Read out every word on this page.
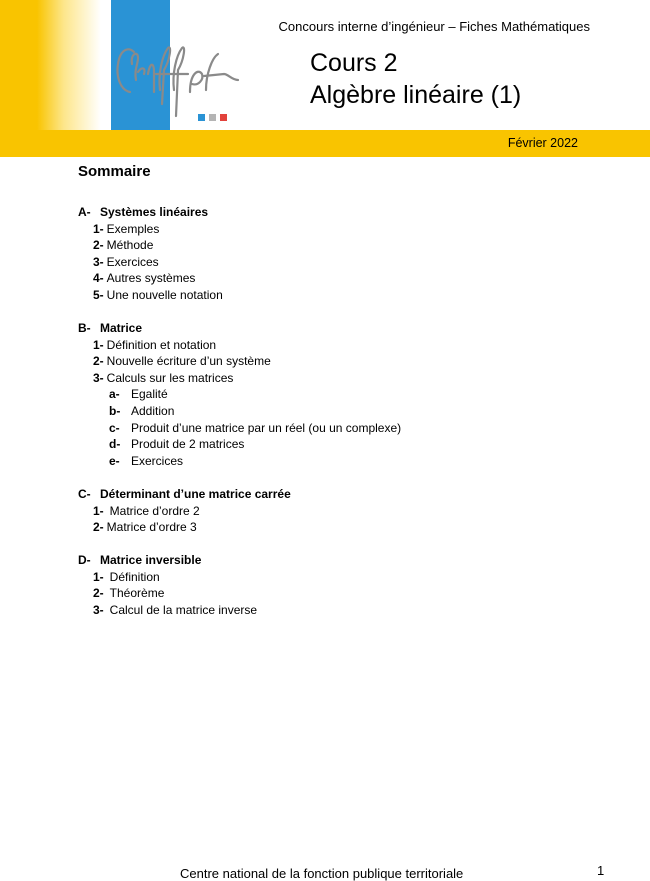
Concours interne d’ingénieur – Fiches Mathématiques
Cours 2
Algèbre linéaire (1)
Février 2022
Sommaire
A- Systèmes linéaires
1- Exemples
2- Méthode
3- Exercices
4- Autres systèmes
5- Une nouvelle notation
B- Matrice
1- Définition et notation
2- Nouvelle écriture d’un système
3- Calculs sur les matrices
a- Egalité
b- Addition
c- Produit d’une matrice par un réel (ou un complexe)
d- Produit de 2 matrices
e- Exercices
C- Déterminant d’une matrice carrée
1- Matrice d’ordre 2
2- Matrice d’ordre 3
D- Matrice inversible
1- Définition
2- Théorème
3- Calcul de la matrice inverse
Centre national de la fonction publique territoriale	1
